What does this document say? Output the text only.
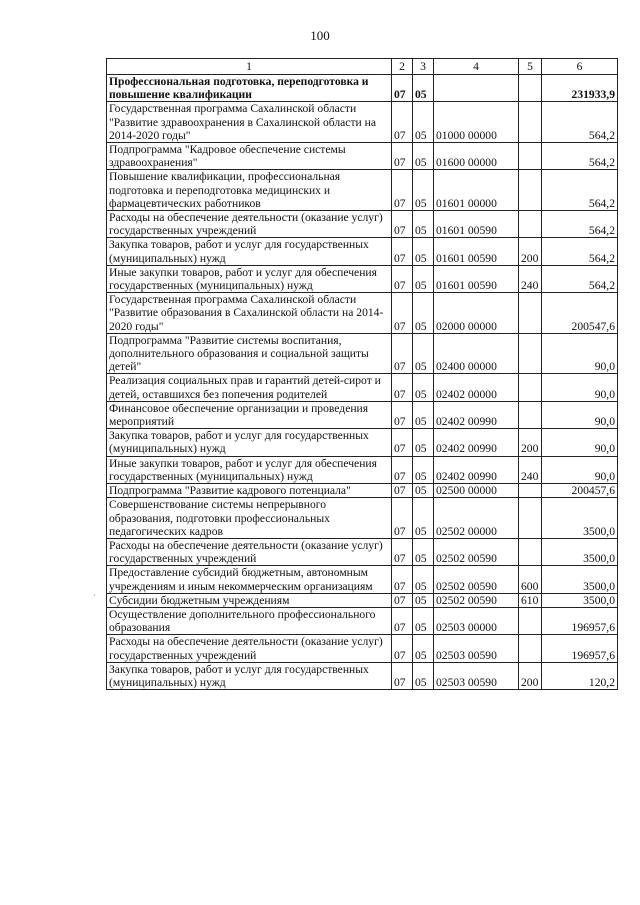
100
·
1	2	3	4	5	6
Профессиональная подготовка, переподготовка и повышение квалификации	07	05			231933,9
Государственная программа Сахалинской области "Развитие здравоохранения в Сахалинской области на 2014-2020 годы"	07	05	01000 00000		564,2
Подпрограмма "Кадровое обеспечение системы здравоохранения"	07	05	01600 00000		564,2
Повышение квалификации, профессиональная подготовка и переподготовка медицинских и фармацевтических работников	07	05	01601 00000		564,2
Расходы на обеспечение деятельности (оказание услуг) государственных учреждений	07	05	01601 00590		564,2
Закупка товаров, работ и услуг для государственных (муниципальных) нужд	07	05	01601 00590	200	564,2
Иные закупки товаров, работ и услуг для обеспечения государственных (муниципальных) нужд	07	05	01601 00590	240	564,2
Государственная программа Сахалинской области "Развитие образования в Сахалинской области на 2014-2020 годы"	07	05	02000 00000		200547,6
Подпрограмма "Развитие системы воспитания, дополнительного образования и социальной защиты детей"	07	05	02400 00000		90,0
Реализация социальных прав и гарантий детей-сирот и детей, оставшихся без попечения родителей	07	05	02402 00000		90,0
Финансовое обеспечение организации и проведения мероприятий	07	05	02402 00990		90,0
Закупка товаров, работ и услуг для государственных (муниципальных) нужд	07	05	02402 00990	200	90,0
Иные закупки товаров, работ и услуг для обеспечения государственных (муниципальных) нужд	07	05	02402 00990	240	90,0
Подпрограмма "Развитие кадрового потенциала"	07	05	02500 00000		200457,6
Совершенствование системы непрерывного образования, подготовки профессиональных педагогических кадров	07	05	02502 00000		3500,0
Расходы на обеспечение деятельности (оказание услуг) государственных учреждений	07	05	02502 00590		3500,0
Предоставление субсидий бюджетным, автономным учреждениям и иным некоммерческим организациям	07	05	02502 00590	600	3500,0
Субсидии бюджетным учреждениям	07	05	02502 00590	610	3500,0
Осуществление дополнительного профессионального образования	07	05	02503 00000		196957,6
Расходы на обеспечение деятельности (оказание услуг) государственных учреждений	07	05	02503 00590		196957,6
Закупка товаров, работ и услуг для государственных (муниципальных) нужд	07	05	02503 00590	200	120,2
